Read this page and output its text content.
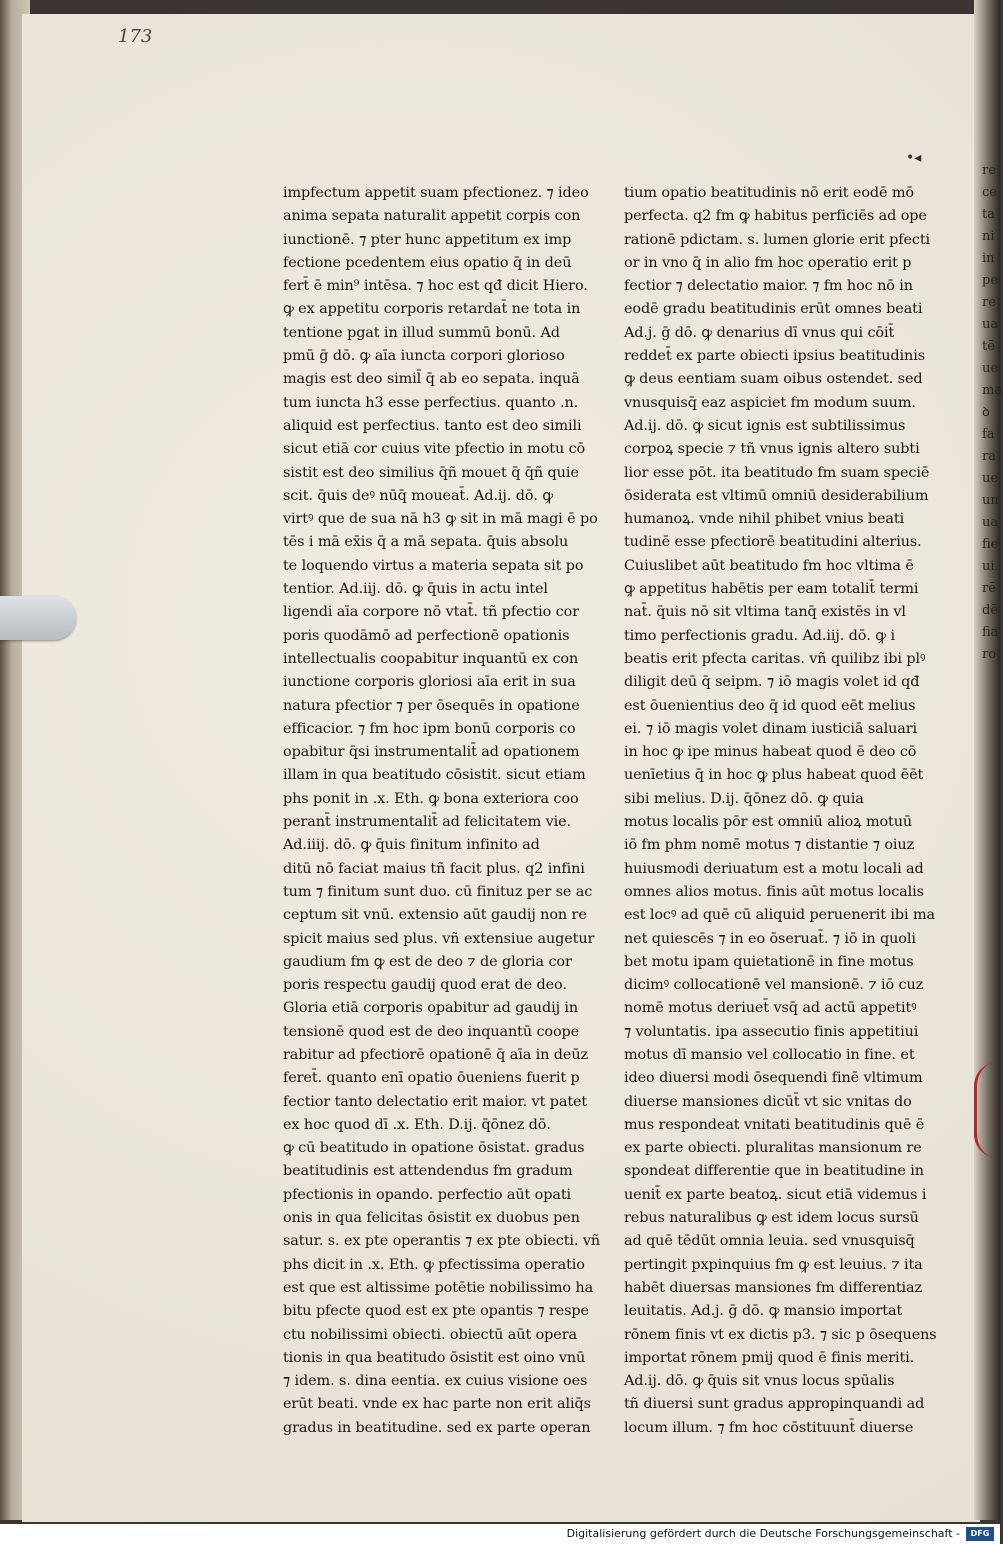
re
ce
ta
ni
in
pe
re
ua
tē
ue
ma
ꝺ
fa
ra
ue
un
ua
fie
ui
rē
dē
fia
ro
173
•◂
impfectum appetit suam pfectionez. ⁊ ideo
anima sepata naturalit appetit corpis con
iunctionē. ⁊ pter hunc appetitum ex imp
fectione pcedentem eius opatio q̄ in deū
fert̄ ē min⁹ intēsa. ⁊ hoc est qđ dicit Hiero.
ꝙ ex appetitu corporis retardat̄ ne tota in
tentione pgat in illud summū bonū. Ad
pmū ḡ dō. ꝙ aīa iuncta corpori glorioso
magis est deo simil̄ q̄ ab eo sepata. inquā
tum iuncta h3 esse perfectius. quanto .n.
aliquid est perfectius. tanto est deo simili
sicut etiā cor cuius vite pfectio in motu cō
sistit est deo similius q̄ñ mouet q̄ q̄ñ quie
scit. q̄uis deꝰ nūq̄ moueat̄. Ad.ij. dō. ꝙ
virtꝰ que de sua nā h3 ꝙ sit in mā magi ē po
tēs i mā ex̄is q̄ a mā sepata. q̄uis absolu
te loquendo virtus a materia sepata sit po
tentior. Ad.iij. dō. ꝙ q̄uis in actu intel
ligendi aīa corpore nō vtat̄. tñ pfectio cor
poris quodāmō ad perfectionē opationis
intellectualis coopabitur inquantū ex con
iunctione corporis gloriosi aīa erit in sua
natura pfectior ⁊ per ōsequēs in opatione
efficacior. ⁊ fm hoc ipm bonū corporis co
opabitur q̄si instrumentalit̄ ad opationem
illam in qua beatitudo cōsistit. sicut etiam
phs ponit in .x. Eth. ꝙ bona exteriora coo
perant̄ instrumentalit̄ ad felicitatem vie.
Ad.iiij. dō. ꝙ q̄uis finitum infinito ad
ditū nō faciat maius tñ facit plus. q2 infini
tum ⁊ finitum sunt duo. cū finituz per se ac
ceptum sit vnū. extensio aūt gaudij non re
spicit maius sed plus. vñ extensiue augetur
gaudium fm ꝙ est de deo ⁊ de gloria cor
poris respectu gaudij quod erat de deo.
Gloria etiā corporis opabitur ad gaudij in
tensionē quod est de deo inquantū coope
rabitur ad pfectiorē opationē q̄ aīa in deūz
feret̄. quanto enī opatio ōueniens fuerit p
fectior tanto delectatio erit maior. vt patet
ex hoc quod dī .x. Eth. D.ij. q̄ōnez dō.
ꝙ cū beatitudo in opatione ōsistat. gradus
beatitudinis est attendendus fm gradum
pfectionis in opando. perfectio aūt opati
onis in qua felicitas ōsistit ex duobus pen
satur. s. ex pte operantis ⁊ ex pte obiecti. vñ
phs dicit in .x. Eth. ꝙ pfectissima operatio
est que est altissime potētie nobilissimo ha
bitu pfecte quod est ex pte opantis ⁊ respe
ctu nobilissimi obiecti. obiectū aūt opera
tionis in qua beatitudo ōsistit est oino vnū
⁊ idem. s. dina eentia. ex cuius visione oes
erūt beati. vnde ex hac parte non erit aliq̄s
gradus in beatitudine. sed ex parte operan
tium opatio beatitudinis nō erit eodē mō
perfecta. q2 fm ꝙ habitus perficiēs ad ope
rationē pdictam. s. lumen glorie erit pfecti
or in vno q̄ in alio fm hoc operatio erit p
fectior ⁊ delectatio maior. ⁊ fm hoc nō in
eodē gradu beatitudinis erūt omnes beati
Ad.j. ḡ dō. ꝙ denarius dī vnus qui cōit̄
reddet̄ ex parte obiecti ipsius beatitudinis
ꝙ deus eentiam suam oibus ostendet. sed
vnusquisq̄ eaz aspiciet fm modum suum.
Ad.ij. dō. ꝙ sicut ignis est subtilissimus
corpoꝝ specie ⁊ tñ vnus ignis altero subti
lior esse pōt. ita beatitudo fm suam speciē
ōsiderata est vltimū omniū desiderabilium
humanoꝝ. vnde nihil phibet vnius beati
tudinē esse pfectiorē beatitudini alterius.
Cuiuslibet aūt beatitudo fm hoc vltima ē
ꝙ appetitus habētis per eam totalit̄ termi
nat̄. q̄uis nō sit vltima tanq̄ existēs in vl
timo perfectionis gradu. Ad.iij. dō. ꝙ i
beatis erit pfecta caritas. vñ quilibz ibi plꝰ
diligit deū q̄ seipm. ⁊ iō magis volet id qđ
est ōuenientius deo q̄ id quod eēt melius
ei. ⁊ iō magis volet dinam iusticiā saluari
in hoc ꝙ ipe minus habeat quod ē deo cō
uenīetius q̄ in hoc ꝙ plus habeat quod ēēt
sibi melius. D.ij. q̄ōnez dō. ꝙ quia
motus localis pōr est omniū alioꝝ motuū
iō fm phm nomē motus ⁊ distantie ⁊ oiuz
huiusmodi deriuatum est a motu locali ad
omnes alios motus. finis aūt motus localis
est locꝰ ad quē cū aliquid peruenerit ibi ma
net quiescēs ⁊ in eo ōseruat̄. ⁊ iō in quoli
bet motu ipam quietationē in fine motus
dicimꝰ collocationē vel mansionē. ⁊ iō cuz
nomē motus deriuet̄ vsq̄ ad actū appetitꝰ
⁊ voluntatis. ipa assecutio finis appetitiui
motus dī mansio vel collocatio in fine. et
ideo diuersi modi ōsequendi finē vltimum
diuerse mansiones dicūt̄ vt sic vnitas do
mus respondeat vnitati beatitudinis quē ē
ex parte obiecti. pluralitas mansionum re
spondeat differentie que in beatitudine in
uenit̄ ex parte beatoꝝ. sicut etiā videmus i
rebus naturalibus ꝙ est idem locus sursū
ad quē tēdūt omnia leuia. sed vnusquisq̄
pertingit pxpinquius fm ꝙ est leuius. ⁊ ita
habēt diuersas mansiones fm differentiaz
leuitatis. Ad.j. ḡ dō. ꝙ mansio importat
rōnem finis vt ex dictis p3. ⁊ sic p ōsequens
importat rōnem pmij quod ē finis meriti.
Ad.ij. dō. ꝙ q̄uis sit vnus locus spūalis
tñ diuersi sunt gradus appropinquandi ad
locum illum. ⁊ fm hoc cōstituunt̄ diuerse
Digitalisierung gefördert durch die Deutsche Forschungsgemeinschaft -	DFG
